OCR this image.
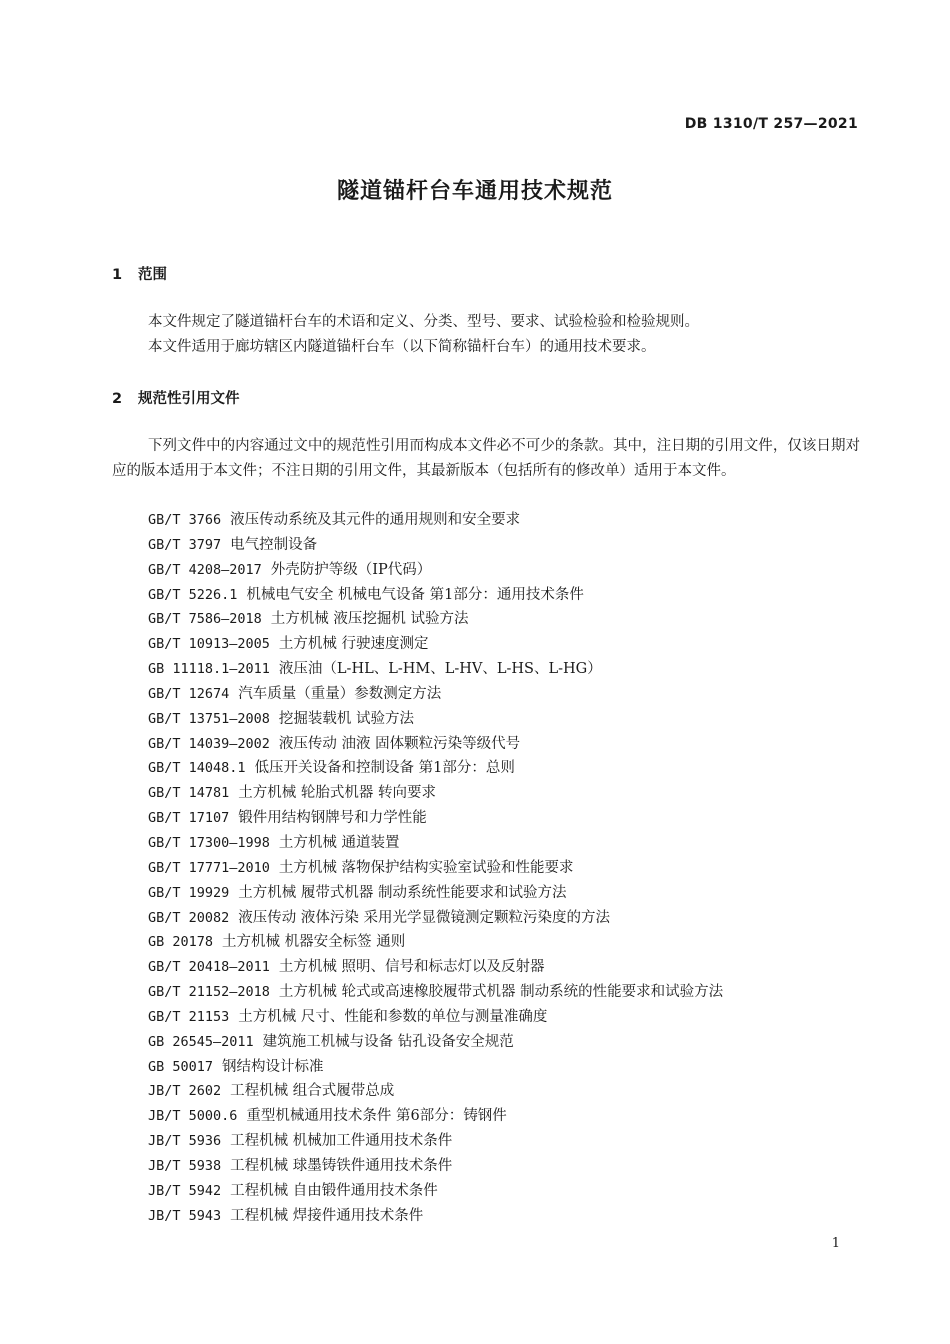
DB 1310/T 257—2021
隧道锚杆台车通用技术规范
1 范围

本文件规定了隧道锚杆台车的术语和定义、分类、型号、要求、试验检验和检验规则。

本文件适用于廊坊辖区内隧道锚杆台车（以下简称锚杆台车）的通用技术要求。

2 规范性引用文件

下列文件中的内容通过文中的规范性引用而构成本文件必不可少的条款。其中，注日期的引用文件，仅该日期对应的版本适用于本文件；不注日期的引用文件，其最新版本（包括所有的修改单）适用于本文件。

GB/T 3766 液压传动系统及其元件的通用规则和安全要求
GB/T 3797 电气控制设备
GB/T 4208—2017 外壳防护等级（IP代码）
GB/T 5226.1 机械电气安全 机械电气设备 第1部分：通用技术条件
GB/T 7586—2018 土方机械 液压挖掘机 试验方法
GB/T 10913—2005 土方机械 行驶速度测定
GB 11118.1—2011 液压油（L-HL、L-HM、L-HV、L-HS、L-HG）
GB/T 12674 汽车质量（重量）参数测定方法
GB/T 13751—2008 挖掘装载机 试验方法
GB/T 14039—2002 液压传动 油液 固体颗粒污染等级代号
GB/T 14048.1 低压开关设备和控制设备 第1部分：总则
GB/T 14781 土方机械 轮胎式机器 转向要求
GB/T 17107 锻件用结构钢牌号和力学性能
GB/T 17300—1998 土方机械 通道装置
GB/T 17771—2010 土方机械 落物保护结构实验室试验和性能要求
GB/T 19929 土方机械 履带式机器 制动系统性能要求和试验方法
GB/T 20082 液压传动 液体污染 采用光学显微镜测定颗粒污染度的方法
GB 20178 土方机械 机器安全标签 通则
GB/T 20418—2011 土方机械 照明、信号和标志灯以及反射器
GB/T 21152—2018 土方机械 轮式或高速橡胶履带式机器 制动系统的性能要求和试验方法
GB/T 21153 土方机械 尺寸、性能和参数的单位与测量准确度
GB 26545—2011 建筑施工机械与设备 钻孔设备安全规范
GB 50017 钢结构设计标准
JB/T 2602 工程机械 组合式履带总成
JB/T 5000.6 重型机械通用技术条件 第6部分：铸钢件
JB/T 5936 工程机械 机械加工件通用技术条件
JB/T 5938 工程机械 球墨铸铁件通用技术条件
JB/T 5942 工程机械 自由锻件通用技术条件
JB/T 5943 工程机械 焊接件通用技术条件
1
